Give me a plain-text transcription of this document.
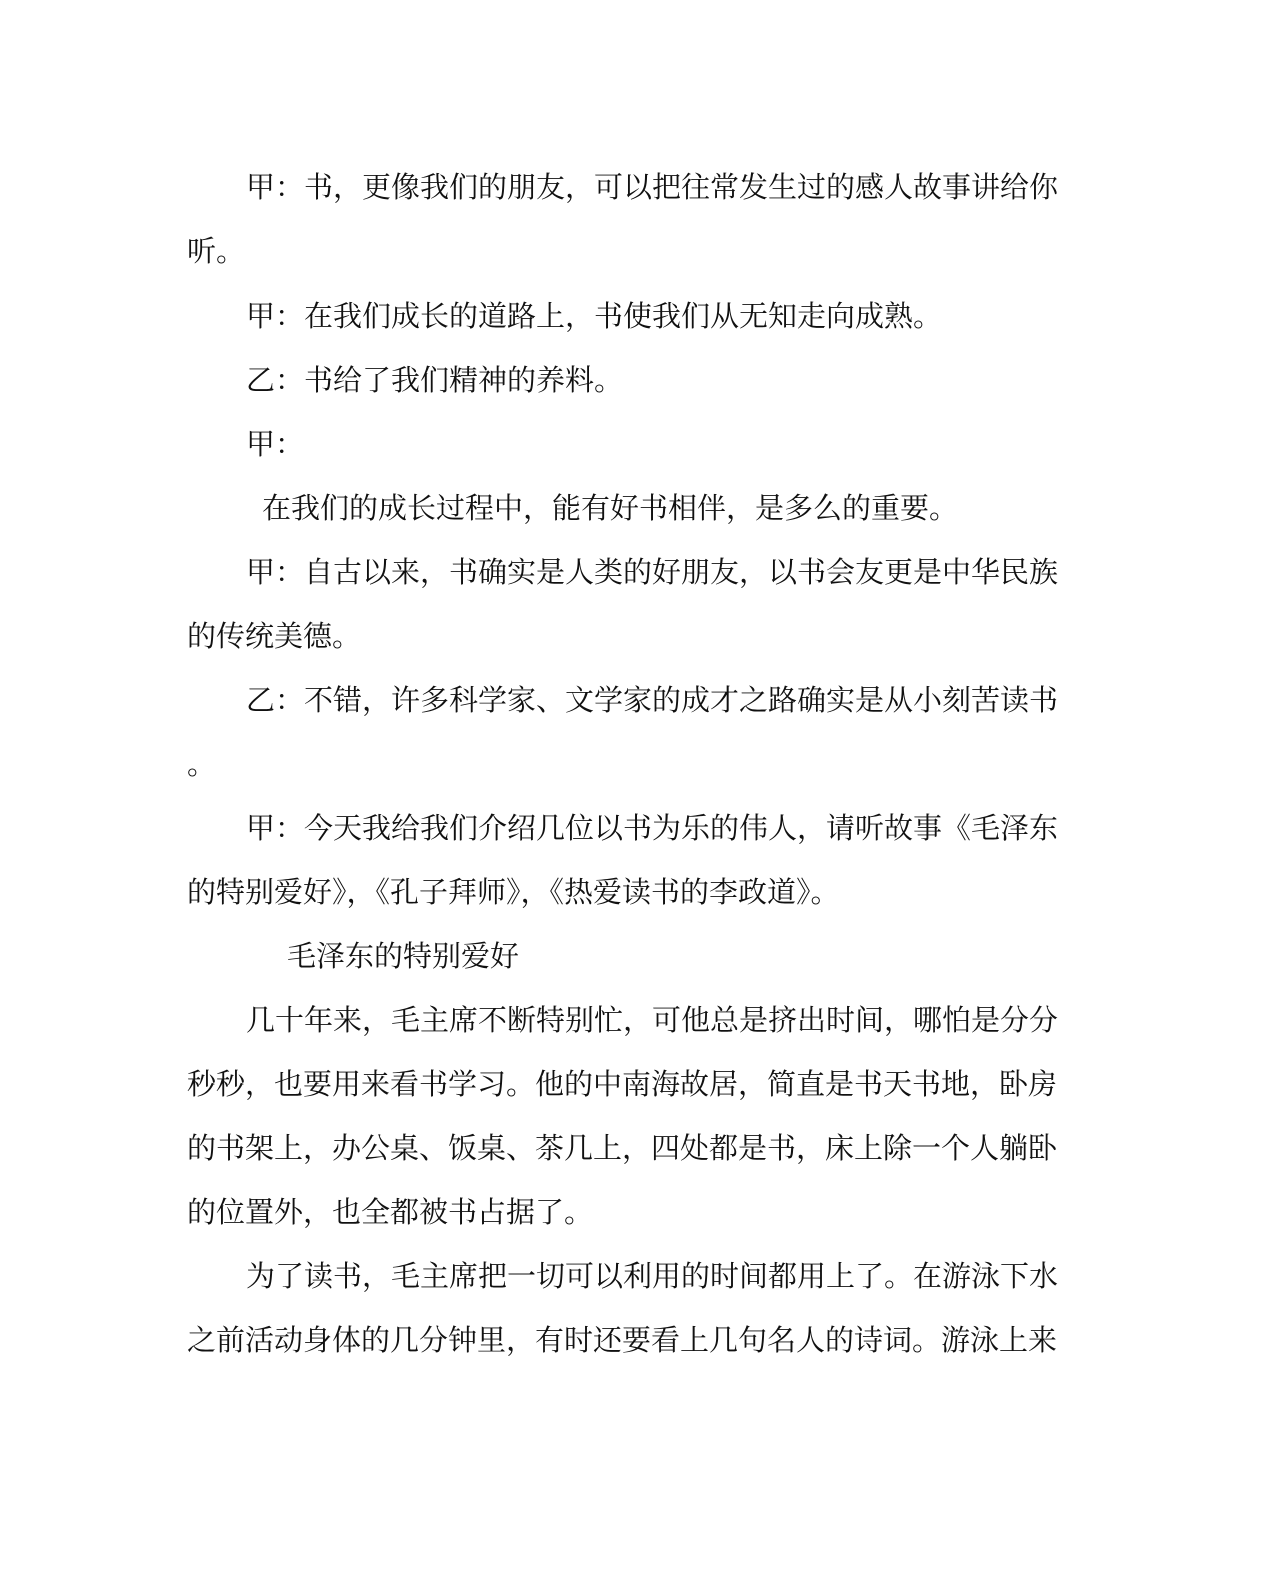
甲：书，更像我们的朋友，可以把往常发生过的感人故事讲给你

听。

甲：在我们成长的道路上，书使我们从无知走向成熟。

乙：书给了我们精神的养料。

甲：

在我们的成长过程中，能有好书相伴，是多么的重要。

甲：自古以来，书确实是人类的好朋友，以书会友更是中华民族

的传统美德。

乙：不错，许多科学家、文学家的成才之路确实是从小刻苦读书

。

甲：今天我给我们介绍几位以书为乐的伟人，请听故事《毛泽东

的特别爱好》，《孔子拜师》，《热爱读书的李政道》。

毛泽东的特别爱好

几十年来，毛主席不断特别忙，可他总是挤出时间，哪怕是分分

秒秒，也要用来看书学习。他的中南海故居，简直是书天书地，卧房

的书架上，办公桌、饭桌、茶几上，四处都是书，床上除一个人躺卧

的位置外，也全都被书占据了。

为了读书，毛主席把一切可以利用的时间都用上了。在游泳下水

之前活动身体的几分钟里，有时还要看上几句名人的诗词。游泳上来
